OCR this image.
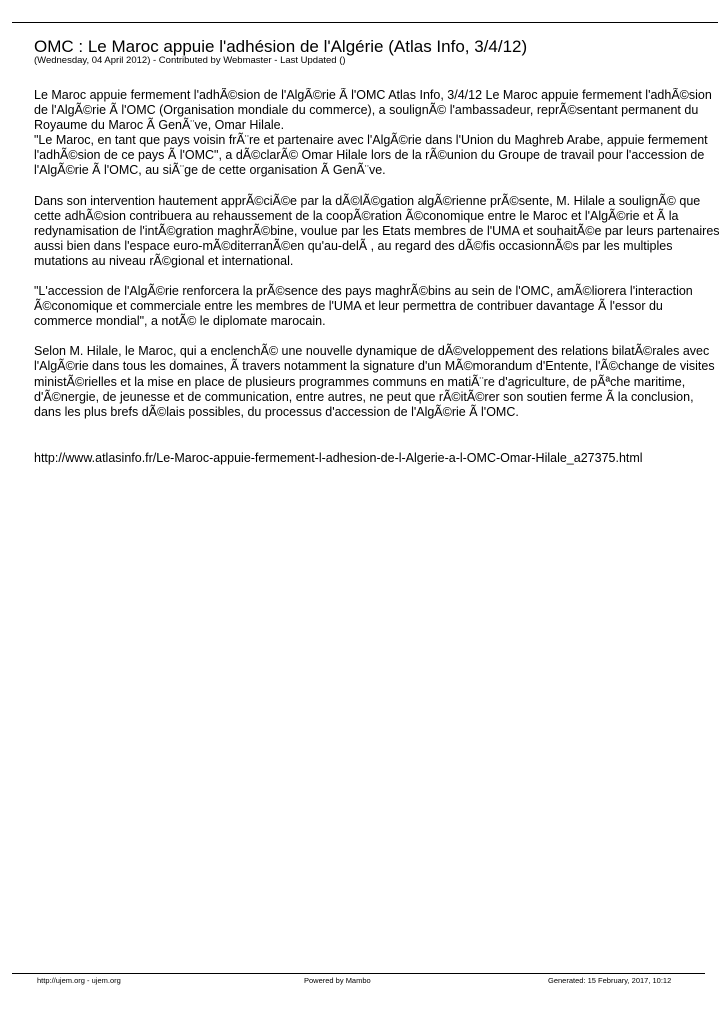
OMC : Le Maroc appuie l'adhésion de l'Algérie (Atlas Info, 3/4/12)
(Wednesday, 04 April 2012) - Contributed by Webmaster - Last Updated ()

Le Maroc appuie fermement l'adhÃ©sion de l'AlgÃ©rie Ã l'OMC Atlas Info, 3/4/12 Le Maroc appuie fermement l'adhÃ©sion de l'AlgÃ©rie Ã l'OMC (Organisation mondiale du commerce), a soulignÃ© l'ambassadeur, reprÃ©sentant permanent du Royaume du Maroc Ã GenÃ¨ve, Omar Hilale.
"Le Maroc, en tant que pays voisin frÃ¨re et partenaire avec l'AlgÃ©rie dans l'Union du Maghreb Arabe, appuie fermement l'adhÃ©sion de ce pays Ã l'OMC", a dÃ©clarÃ© Omar Hilale lors de la rÃ©union du Groupe de travail pour l'accession de l'AlgÃ©rie Ã l'OMC, au siÃ¨ge de cette organisation Ã GenÃ¨ve.

Dans son intervention hautement apprÃ©ciÃ©e par la dÃ©lÃ©gation algÃ©rienne prÃ©sente, M. Hilale a soulignÃ© que cette adhÃ©sion contribuera au rehaussement de la coopÃ©ration Ã©conomique entre le Maroc et l'AlgÃ©rie et Ã la redynamisation de l'intÃ©gration maghrÃ©bine, voulue par les Etats membres de l'UMA et souhaitÃ©e par leurs partenaires aussi bien dans l'espace euro-mÃ©diterranÃ©en qu'au-delÃ , au regard des dÃ©fis occasionnÃ©s par les multiples mutations au niveau rÃ©gional et international.

"L'accession de l'AlgÃ©rie renforcera la prÃ©sence des pays maghrÃ©bins au sein de l'OMC, amÃ©liorera l'interaction Ã©conomique et commerciale entre les membres de l'UMA et leur permettra de contribuer davantage Ã l'essor du commerce mondial", a notÃ© le diplomate marocain.

Selon M. Hilale, le Maroc, qui a enclenchÃ© une nouvelle dynamique de dÃ©veloppement des relations bilatÃ©rales avec l'AlgÃ©rie dans tous les domaines, Ã travers notamment la signature d'un MÃ©morandum d'Entente, l'Ã©change de visites ministÃ©rielles et la mise en place de plusieurs programmes communs en matiÃ¨re d'agriculture, de pÃªche maritime, d'Ã©nergie, de jeunesse et de communication, entre autres, ne peut que rÃ©itÃ©rer son soutien ferme Ã la conclusion, dans les plus brefs dÃ©lais possibles, du processus d'accession de l'AlgÃ©rie Ã l'OMC.

http://www.atlasinfo.fr/Le-Maroc-appuie-fermement-l-adhesion-de-l-Algerie-a-l-OMC-Omar-Hilale_a27375.html

http://ujem.org - ujem.org	Powered by Mambo	Generated: 15 February, 2017, 10:12
